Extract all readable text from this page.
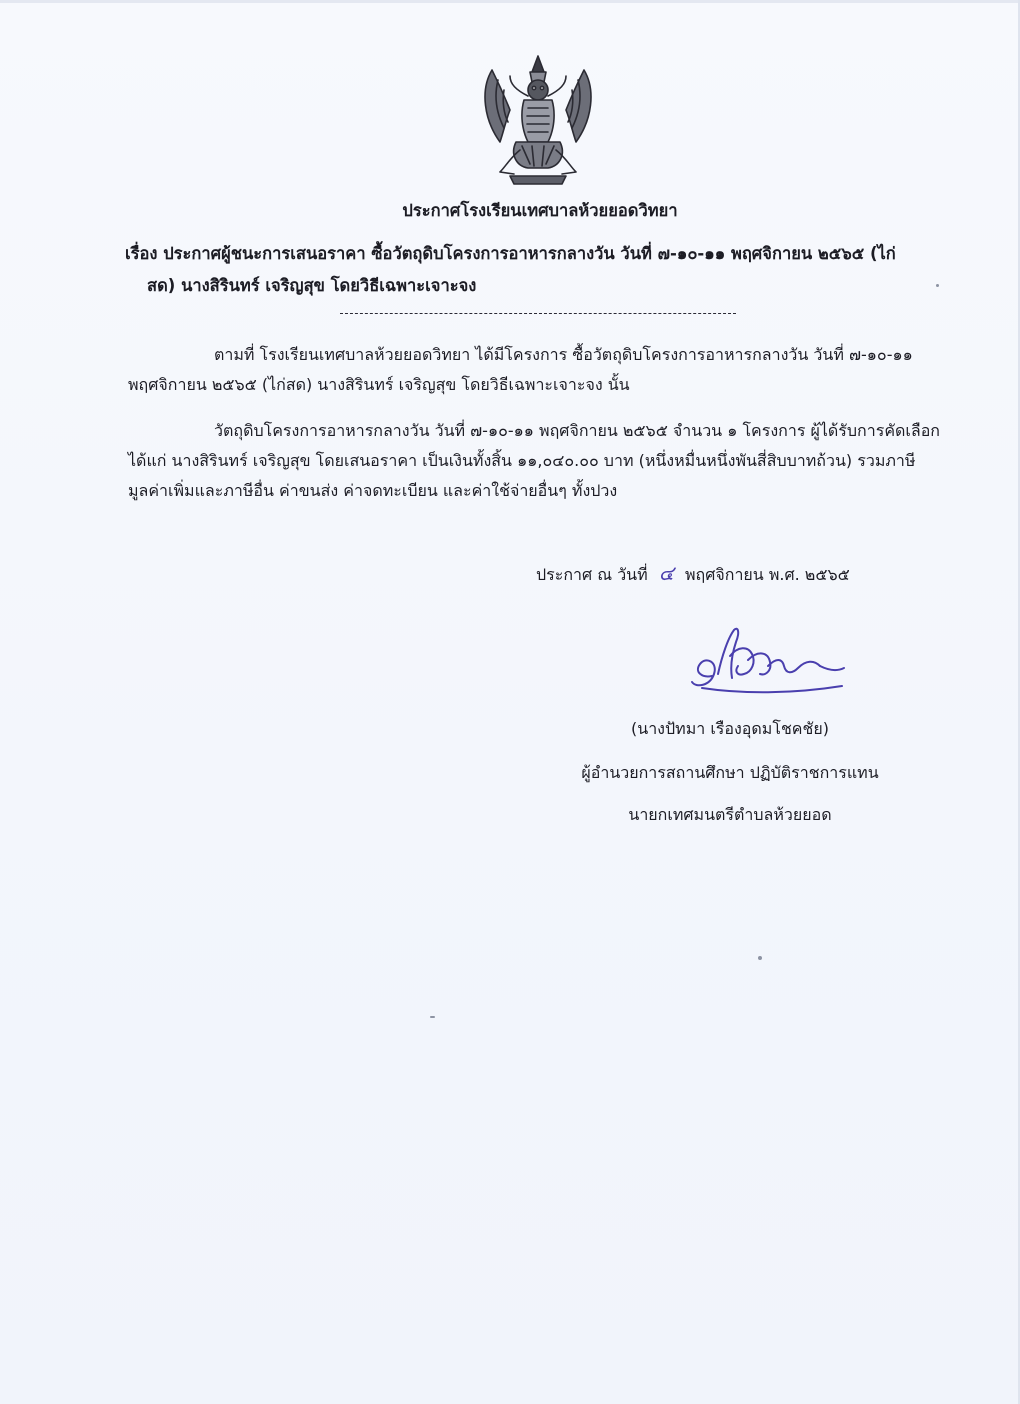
ประกาศโรงเรียนเทศบาลห้วยยอดวิทยา
เรื่อง ประกาศผู้ชนะการเสนอราคา ซื้อวัตถุดิบโครงการอาหารกลางวัน วันที่ ๗-๑๐-๑๑ พฤศจิกายน ๒๕๖๕ (ไก่
สด) นางสิรินทร์ เจริญสุข โดยวิธีเฉพาะเจาะจง
ตามที่ โรงเรียนเทศบาลห้วยยอดวิทยา ได้มีโครงการ ซื้อวัตถุดิบโครงการอาหารกลางวัน วันที่ ๗-๑๐-๑๑ พฤศจิกายน ๒๕๖๕ (ไก่สด) นางสิรินทร์ เจริญสุข โดยวิธีเฉพาะเจาะจง นั้น
วัตถุดิบโครงการอาหารกลางวัน วันที่ ๗-๑๐-๑๑ พฤศจิกายน ๒๕๖๕ จำนวน ๑ โครงการ ผู้ได้รับการคัดเลือก ได้แก่ นางสิรินทร์ เจริญสุข โดยเสนอราคา เป็นเงินทั้งสิ้น ๑๑,๐๔๐.๐๐ บาท (หนึ่งหมื่นหนึ่งพันสี่สิบบาทถ้วน) รวมภาษีมูลค่าเพิ่มและภาษีอื่น ค่าขนส่ง ค่าจดทะเบียน และค่าใช้จ่ายอื่นๆ ทั้งปวง
ประกาศ ณ วันที่ ๔ พฤศจิกายน พ.ศ. ๒๕๖๕
(นางปัทมา เรืองอุดมโชคชัย)
ผู้อำนวยการสถานศึกษา ปฏิบัติราชการแทน
นายกเทศมนตรีตำบลห้วยยอด
